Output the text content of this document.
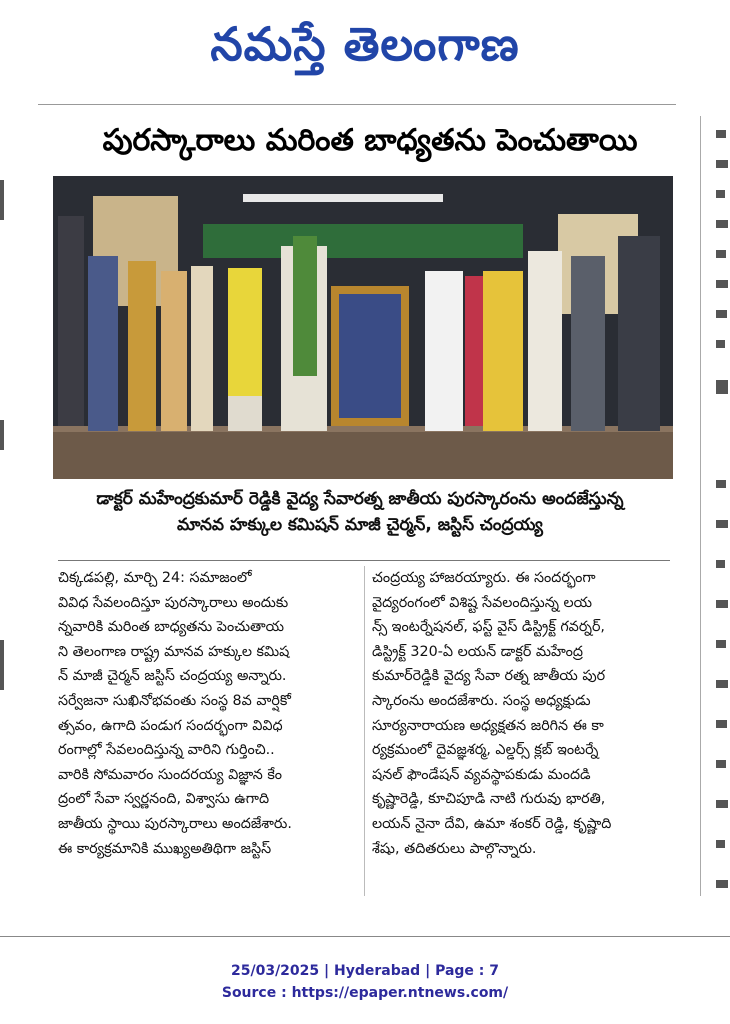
నమస్తే తెలంగాణ
పురస్కారాలు మరింత బాధ్యతను పెంచుతాయి
డాక్టర్ మహేంద్రకుమార్ రెడ్డికి వైద్య సేవారత్న జాతీయ పురస్కారంను అందజేస్తున్న
మానవ హక్కుల కమిషన్ మాజీ చైర్మన్, జస్టిస్ చంద్రయ్య
చిక్కడపల్లి, మార్చి 24: సమాజంలో
వివిధ సేవలందిస్తూ పురస్కారాలు అందుకు
న్నవారికి మరింత బాధ్యతను పెంచుతాయ
ని తెలంగాణ రాష్ట్ర మానవ హక్కుల కమిష
న్ మాజీ చైర్మన్ జస్టిస్ చంద్రయ్య అన్నారు.
సర్వేజనా సుఖినోభవంతు సంస్థ 8వ వార్షికో
త్సవం, ఉగాది పండుగ సందర్భంగా వివిధ
రంగాల్లో సేవలందిస్తున్న వారిని గుర్తించి..
వారికి సోమవారం సుందరయ్య విజ్ఞాన కేం
ద్రంలో సేవా స్వర్ణనంది, విశ్వాసు ఉగాది
జాతీయ స్థాయి పురస్కారాలు అందజేశారు.
ఈ కార్యక్రమానికి ముఖ్యఅతిథిగా జస్టిస్
చంద్రయ్య హాజరయ్యారు. ఈ సందర్భంగా
వైద్యరంగంలో విశిష్ట సేవలందిస్తున్న లయ
న్స్ ఇంటర్నేషనల్, ఫస్ట్ వైస్ డిస్ట్రిక్ట్ గవర్నర్,
డిస్ట్రిక్ట్ 320-ఏ లయన్ డాక్టర్ మహేంద్ర
కుమార్‌రెడ్డికి వైద్య సేవా రత్న జాతీయ పుర
స్కారంను అందజేశారు. సంస్థ అధ్యక్షుడు
సూర్యనారాయణ అధ్యక్షతన జరిగిన ఈ కా
ర్యక్రమంలో దైవజ్ఞశర్మ, ఎల్డర్స్ క్లబ్ ఇంటర్నే
షనల్ ఫౌండేషన్ వ్యవస్థాపకుడు మందడి
కృష్ణారెడ్డి, కూచిపూడి నాటి గురువు భారతి,
లయన్ నైనా దేవి, ఉమా శంకర్ రెడ్డి, కృష్ణాది
శేషు, తదితరులు పాల్గొన్నారు.
25/03/2025 | Hyderabad | Page : 7
Source : https://epaper.ntnews.com/
